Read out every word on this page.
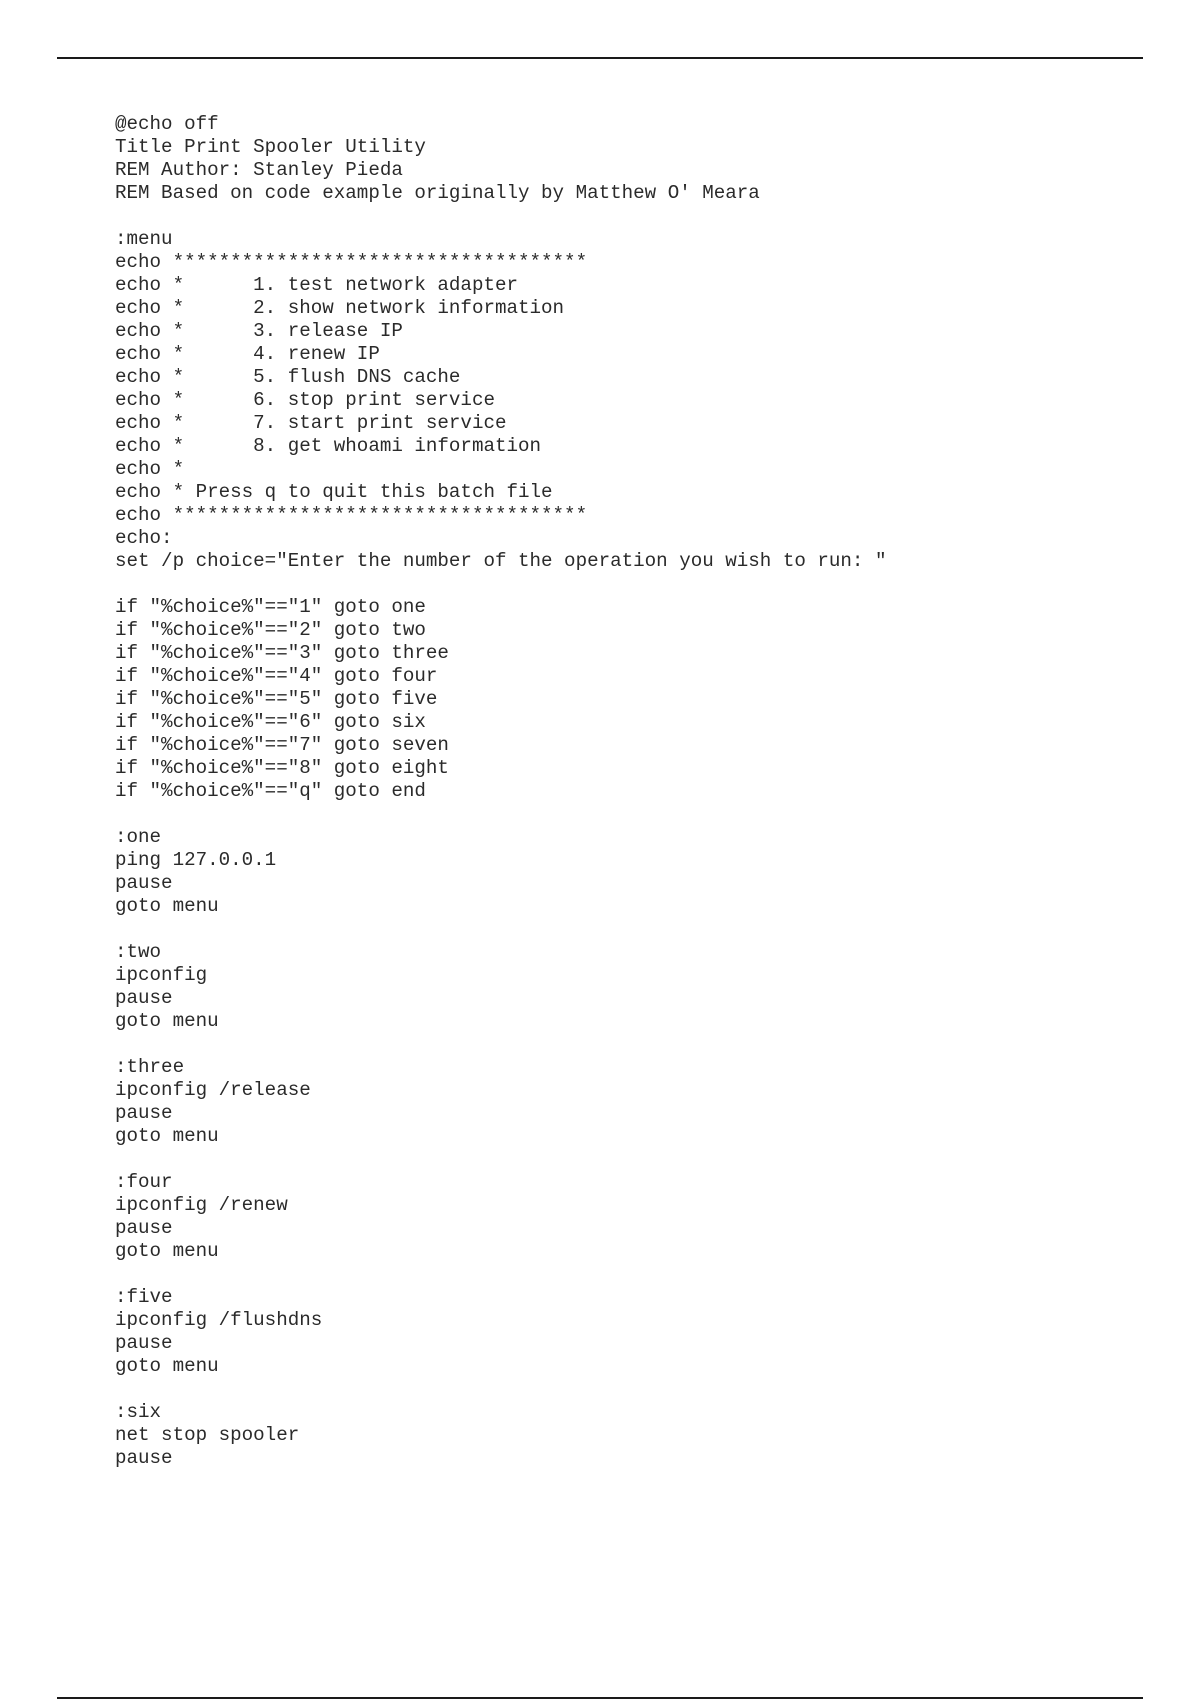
@echo off
Title Print Spooler Utility
REM Author: Stanley Pieda
REM Based on code example originally by Matthew O' Meara
:menu
echo ************************************
echo *      1. test network adapter
echo *      2. show network information
echo *      3. release IP
echo *      4. renew IP
echo *      5. flush DNS cache
echo *      6. stop print service
echo *      7. start print service
echo *      8. get whoami information
echo *
echo * Press q to quit this batch file
echo ************************************
echo:
set /p choice="Enter the number of the operation you wish to run: "
if "%choice%"=="1" goto one
if "%choice%"=="2" goto two
if "%choice%"=="3" goto three
if "%choice%"=="4" goto four
if "%choice%"=="5" goto five
if "%choice%"=="6" goto six
if "%choice%"=="7" goto seven
if "%choice%"=="8" goto eight
if "%choice%"=="q" goto end
:one
ping 127.0.0.1
pause
goto menu
:two
ipconfig
pause
goto menu
:three
ipconfig /release
pause
goto menu
:four
ipconfig /renew
pause
goto menu
:five
ipconfig /flushdns
pause
goto menu
:six
net stop spooler
pause
